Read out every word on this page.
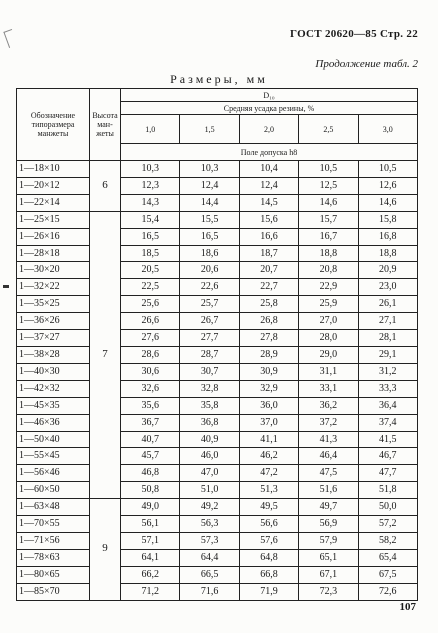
ГОСТ 20620—85 Стр. 22
Продолжение табл. 2
Размеры, мм
Обозначение типоразмера манжеты	Высота ман- жеты	D₁₀				
		Средняя усадка резины, %				
		1,0	1,5	2,0	2,5	3,0
		Поле допуска h8				
1—18×10	6	10,3	10,3	10,4	10,5	10,5
1—20×12		12,3	12,4	12,4	12,5	12,6
1—22×14		14,3	14,4	14,5	14,6	14,6
1—25×15	7	15,4	15,5	15,6	15,7	15,8
1—26×16		16,5	16,5	16,6	16,7	16,8
1—28×18		18,5	18,6	18,7	18,8	18,8
1—30×20		20,5	20,6	20,7	20,8	20,9
1—32×22		22,5	22,6	22,7	22,9	23,0
1—35×25		25,6	25,7	25,8	25,9	26,1
1—36×26		26,6	26,7	26,8	27,0	27,1
1—37×27		27,6	27,7	27,8	28,0	28,1
1—38×28		28,6	28,7	28,9	29,0	29,1
1—40×30		30,6	30,7	30,9	31,1	31,2
1—42×32		32,6	32,8	32,9	33,1	33,3
1—45×35		35,6	35,8	36,0	36,2	36,4
1—46×36		36,7	36,8	37,0	37,2	37,4
1—50×40		40,7	40,9	41,1	41,3	41,5
1—55×45		45,7	46,0	46,2	46,4	46,7
1—56×46		46,8	47,0	47,2	47,5	47,7
1—60×50		50,8	51,0	51,3	51,6	51,8
1—63×48	9	49,0	49,2	49,5	49,7	50,0
1—70×55		56,1	56,3	56,6	56,9	57,2
1—71×56		57,1	57,3	57,6	57,9	58,2
1—78×63		64,1	64,4	64,8	65,1	65,4
1—80×65		66,2	66,5	66,8	67,1	67,5
1—85×70		71,2	71,6	71,9	72,3	72,6
107
